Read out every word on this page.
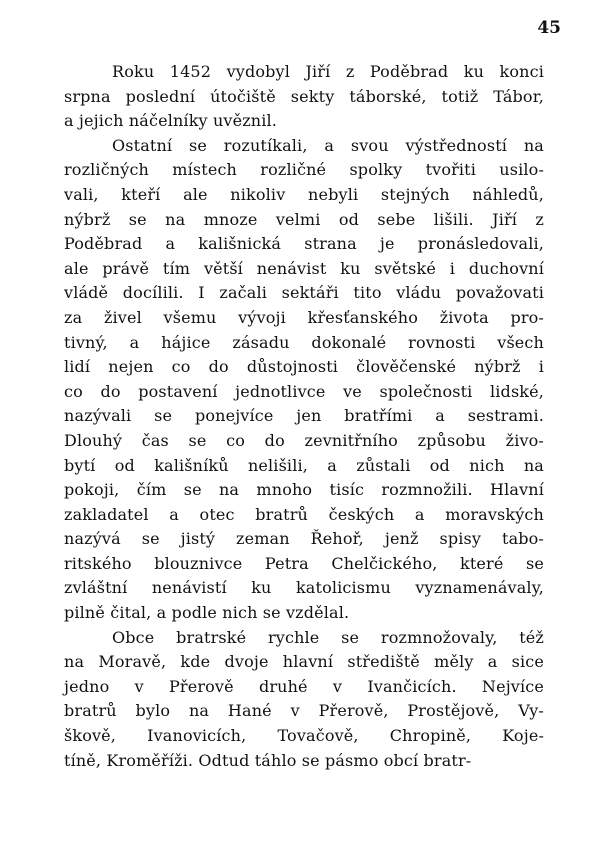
45
Roku 1452 vydobyl Jiří z Poděbrad ku konci
srpna poslední útočiště sekty táborské, totiž Tábor,
a jejich náčelníky uvěznil.
Ostatní se rozutíkali, a svou výstředností na
rozličných místech rozličné spolky tvořiti usilo-
vali, kteří ale nikoliv nebyli stejných náhledů,
nýbrž se na mnoze velmi od sebe lišili. Jiří z
Poděbrad a kališnická strana je pronásledovali,
ale právě tím větší nenávist ku světské i duchovní
vládě docílili. I začali sektáři tito vládu považovati
za živel všemu vývoji křesťanského života pro-
tivný, a hájice zásadu dokonalé rovnosti všech
lidí nejen co do důstojnosti člověčenské nýbrž i
co do postavení jednotlivce ve společnosti lidské,
nazývali se ponejvíce jen bratřími a sestrami.
Dlouhý čas se co do zevnitřního způsobu živo-
bytí od kališníků nelišili, a zůstali od nich na
pokoji, čím se na mnoho tisíc rozmnožili. Hlavní
zakladatel a otec bratrů českých a moravských
nazývá se jistý zeman Řehoř, jenž spisy tabo-
ritského blouznivce Petra Chelčického, které se
zvláštní nenávistí ku katolicismu vyznamenávaly,
pilně čital, a podle nich se vzdělal.
Obce bratrské rychle se rozmnožovaly, též
na Moravě, kde dvoje hlavní střediště měly a sice
jedno v Přerově druhé v Ivančicích. Nejvíce
bratrů bylo na Hané v Přerově, Prostějově, Vy-
škově, Ivanovicích, Tovačově, Chropině, Koje-
tíně, Kroměříži. Odtud táhlo se pásmo obcí bratr-
